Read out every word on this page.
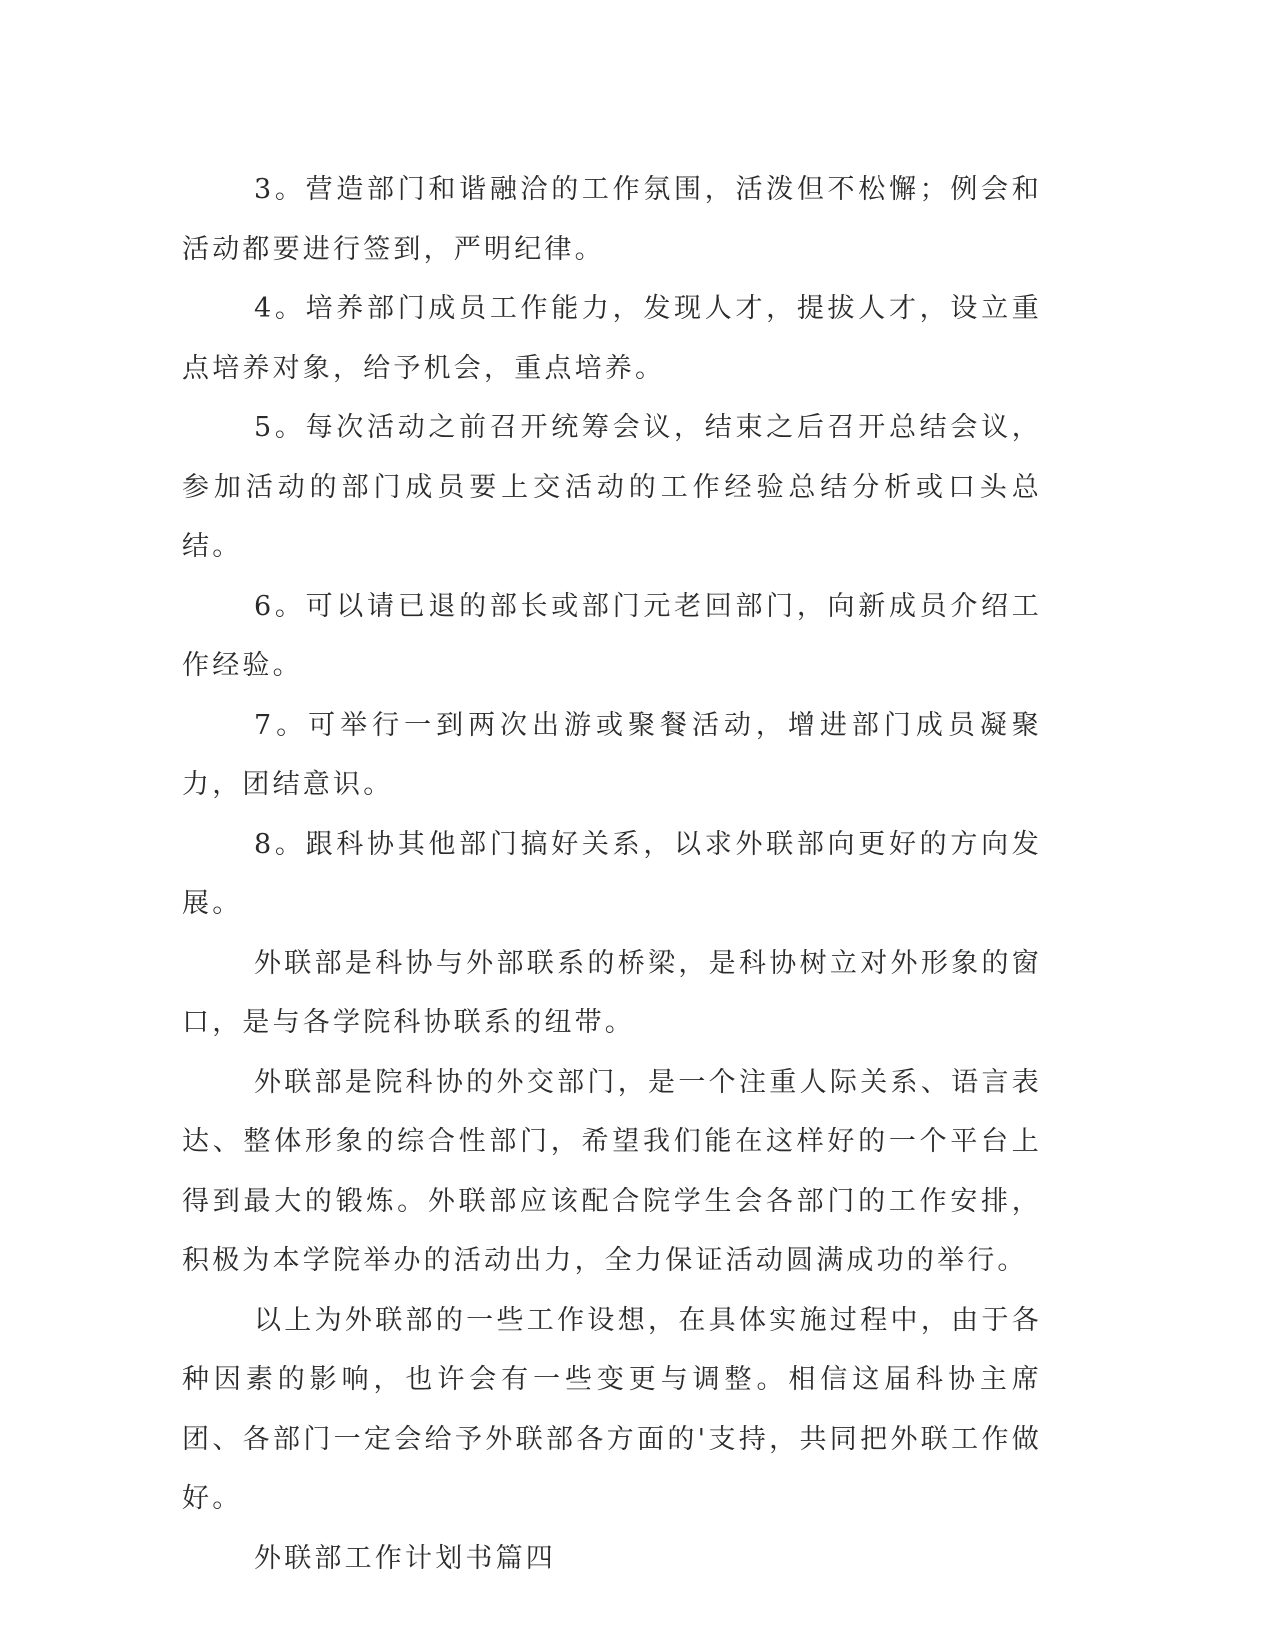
3。营造部门和谐融洽的工作氛围，活泼但不松懈；例会和活动都要进行签到，严明纪律。

4。培养部门成员工作能力，发现人才，提拔人才，设立重点培养对象，给予机会，重点培养。

5。每次活动之前召开统筹会议，结束之后召开总结会议，参加活动的部门成员要上交活动的工作经验总结分析或口头总结。

6。可以请已退的部长或部门元老回部门，向新成员介绍工作经验。

7。可举行一到两次出游或聚餐活动，增进部门成员凝聚力，团结意识。

8。跟科协其他部门搞好关系，以求外联部向更好的方向发展。

外联部是科协与外部联系的桥梁，是科协树立对外形象的窗口，是与各学院科协联系的纽带。

外联部是院科协的外交部门，是一个注重人际关系、语言表达、整体形象的综合性部门，希望我们能在这样好的一个平台上得到最大的锻炼。外联部应该配合院学生会各部门的工作安排，积极为本学院举办的活动出力，全力保证活动圆满成功的举行。

以上为外联部的一些工作设想，在具体实施过程中，由于各种因素的影响，也许会有一些变更与调整。相信这届科协主席团、各部门一定会给予外联部各方面的'支持，共同把外联工作做好。

外联部工作计划书篇四
